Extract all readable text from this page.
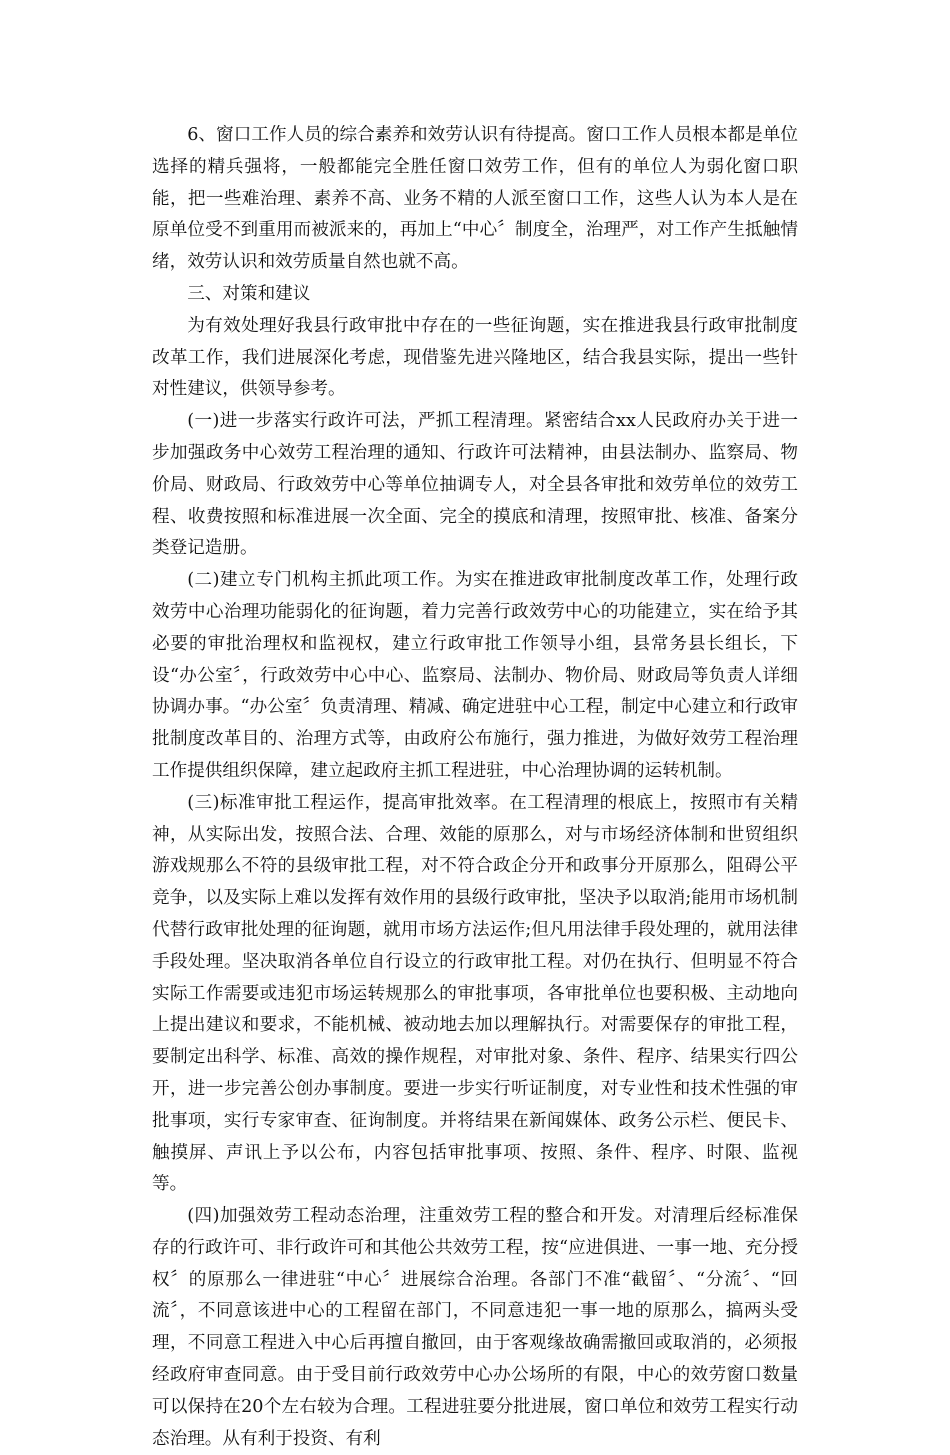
6、窗口工作人员的综合素养和效劳认识有待提高。窗口工作人员根本都是单位选择的精兵强将，一般都能完全胜任窗口效劳工作，但有的单位人为弱化窗口职能，把一些难治理、素养不高、业务不精的人派至窗口工作，这些人认为本人是在原单位受不到重用而被派来的，再加上“中心〞制度全，治理严，对工作产生抵触情绪，效劳认识和效劳质量自然也就不高。

三、对策和建议

为有效处理好我县行政审批中存在的一些征询题，实在推进我县行政审批制度改革工作，我们进展深化考虑，现借鉴先进兴隆地区，结合我县实际，提出一些针对性建议，供领导参考。

(一)进一步落实行政许可法，严抓工程清理。紧密结合xx人民政府办关于进一步加强政务中心效劳工程治理的通知、行政许可法精神，由县法制办、监察局、物价局、财政局、行政效劳中心等单位抽调专人，对全县各审批和效劳单位的效劳工程、收费按照和标准进展一次全面、完全的摸底和清理，按照审批、核准、备案分类登记造册。

(二)建立专门机构主抓此项工作。为实在推进政审批制度改革工作，处理行政效劳中心治理功能弱化的征询题，着力完善行政效劳中心的功能建立，实在给予其必要的审批治理权和监视权，建立行政审批工作领导小组，县常务县长组长，下设“办公室〞，行政效劳中心中心、监察局、法制办、物价局、财政局等负责人详细协调办事。“办公室〞负责清理、精减、确定进驻中心工程，制定中心建立和行政审批制度改革目的、治理方式等，由政府公布施行，强力推进，为做好效劳工程治理工作提供组织保障，建立起政府主抓工程进驻，中心治理协调的运转机制。

(三)标准审批工程运作，提高审批效率。在工程清理的根底上，按照市有关精神，从实际出发，按照合法、合理、效能的原那么，对与市场经济体制和世贸组织游戏规那么不符的县级审批工程，对不符合政企分开和政事分开原那么，阻碍公平竞争，以及实际上难以发挥有效作用的县级行政审批，坚决予以取消;能用市场机制代替行政审批处理的征询题，就用市场方法运作;但凡用法律手段处理的，就用法律手段处理。坚决取消各单位自行设立的行政审批工程。对仍在执行、但明显不符合实际工作需要或违犯市场运转规那么的审批事项，各审批单位也要积极、主动地向上提出建议和要求，不能机械、被动地去加以理解执行。对需要保存的审批工程，要制定出科学、标准、高效的操作规程，对审批对象、条件、程序、结果实行四公开，进一步完善公创办事制度。要进一步实行听证制度，对专业性和技术性强的审批事项，实行专家审查、征询制度。并将结果在新闻媒体、政务公示栏、便民卡、触摸屏、声讯上予以公布，内容包括审批事项、按照、条件、程序、时限、监视等。

(四)加强效劳工程动态治理，注重效劳工程的整合和开发。对清理后经标准保存的行政许可、非行政许可和其他公共效劳工程，按“应进俱进、一事一地、充分授权〞的原那么一律进驻“中心〞进展综合治理。各部门不准“截留〞、“分流〞、“回流〞，不同意该进中心的工程留在部门，不同意违犯一事一地的原那么，搞两头受理，不同意工程进入中心后再擅自撤回，由于客观缘故确需撤回或取消的，必须报经政府审查同意。由于受目前行政效劳中心办公场所的有限，中心的效劳窗口数量可以保持在20个左右较为合理。工程进驻要分批进展，窗口单位和效劳工程实行动态治理。从有利于投资、有利
